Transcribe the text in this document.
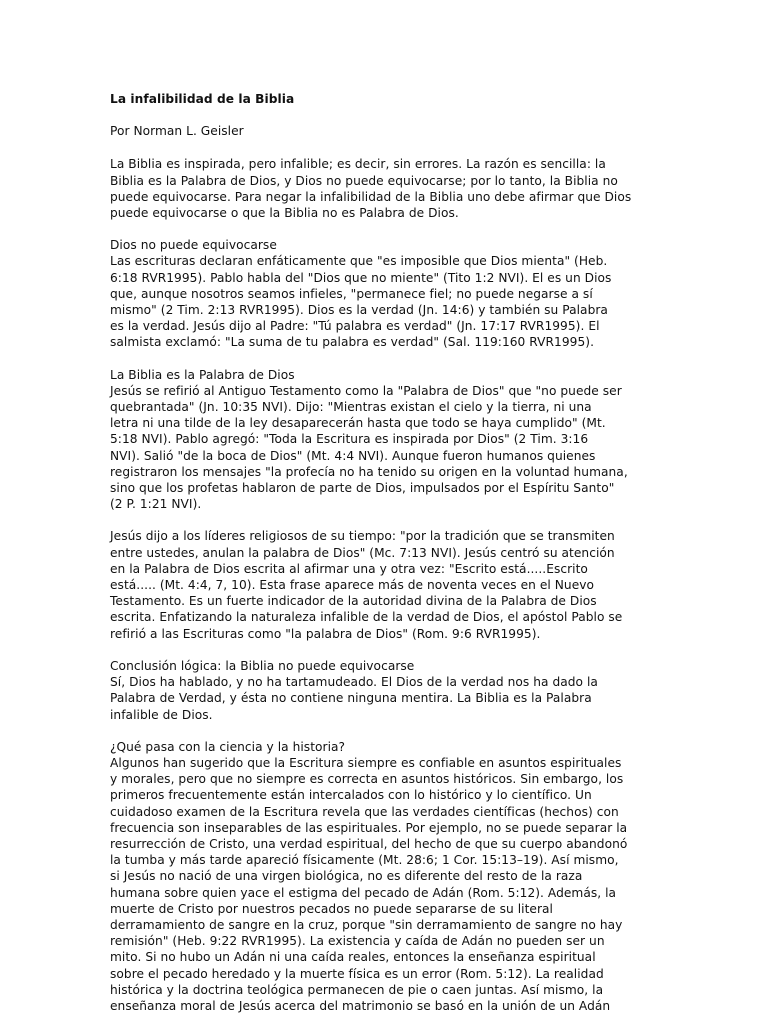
La infalibilidad de la Biblia
Por Norman L. Geisler
La Biblia es inspirada, pero infalible; es decir, sin errores. La razón es sencilla: la
Biblia es la Palabra de Dios, y Dios no puede equivocarse; por lo tanto, la Biblia no
puede equivocarse. Para negar la infalibilidad de la Biblia uno debe afirmar que Dios
puede equivocarse o que la Biblia no es Palabra de Dios.
Dios no puede equivocarse
Las escrituras declaran enfáticamente que "es imposible que Dios mienta" (Heb.
6:18 RVR1995). Pablo habla del "Dios que no miente" (Tito 1:2 NVI). El es un Dios
que, aunque nosotros seamos infieles, "permanece fiel; no puede negarse a sí
mismo" (2 Tim. 2:13 RVR1995). Dios es la verdad (Jn. 14:6) y también su Palabra
es la verdad. Jesús dijo al Padre: "Tú palabra es verdad" (Jn. 17:17 RVR1995). El
salmista exclamó: "La suma de tu palabra es verdad" (Sal. 119:160 RVR1995).
La Biblia es la Palabra de Dios
Jesús se refirió al Antiguo Testamento como la "Palabra de Dios" que "no puede ser
quebrantada" (Jn. 10:35 NVI). Dijo: "Mientras existan el cielo y la tierra, ni una
letra ni una tilde de la ley desaparecerán hasta que todo se haya cumplido" (Mt.
5:18 NVI). Pablo agregó: "Toda la Escritura es inspirada por Dios" (2 Tim. 3:16
NVI). Salió "de la boca de Dios" (Mt. 4:4 NVI). Aunque fueron humanos quienes
registraron los mensajes "la profecía no ha tenido su origen en la voluntad humana,
sino que los profetas hablaron de parte de Dios, impulsados por el Espíritu Santo"
(2 P. 1:21 NVI).
Jesús dijo a los líderes religiosos de su tiempo: "por la tradición que se transmiten
entre ustedes, anulan la palabra de Dios" (Mc. 7:13 NVI). Jesús centró su atención
en la Palabra de Dios escrita al afirmar una y otra vez: "Escrito está.....Escrito
está..... (Mt. 4:4, 7, 10). Esta frase aparece más de noventa veces en el Nuevo
Testamento. Es un fuerte indicador de la autoridad divina de la Palabra de Dios
escrita. Enfatizando la naturaleza infalible de la verdad de Dios, el apóstol Pablo se
refirió a las Escrituras como "la palabra de Dios" (Rom. 9:6 RVR1995).
Conclusión lógica: la Biblia no puede equivocarse
Sí, Dios ha hablado, y no ha tartamudeado. El Dios de la verdad nos ha dado la
Palabra de Verdad, y ésta no contiene ninguna mentira. La Biblia es la Palabra
infalible de Dios.
¿Qué pasa con la ciencia y la historia?
Algunos han sugerido que la Escritura siempre es confiable en asuntos espirituales
y morales, pero que no siempre es correcta en asuntos históricos. Sin embargo, los
primeros frecuentemente están intercalados con lo histórico y lo científico. Un
cuidadoso examen de la Escritura revela que las verdades científicas (hechos) con
frecuencia son inseparables de las espirituales. Por ejemplo, no se puede separar la
resurrección de Cristo, una verdad espiritual, del hecho de que su cuerpo abandonó
la tumba y más tarde apareció físicamente (Mt. 28:6; 1 Cor. 15:13–19). Así mismo,
si Jesús no nació de una virgen biológica, no es diferente del resto de la raza
humana sobre quien yace el estigma del pecado de Adán (Rom. 5:12). Además, la
muerte de Cristo por nuestros pecados no puede separarse de su literal
derramamiento de sangre en la cruz, porque "sin derramamiento de sangre no hay
remisión" (Heb. 9:22 RVR1995). La existencia y caída de Adán no pueden ser un
mito. Si no hubo un Adán ni una caída reales, entonces la enseñanza espiritual
sobre el pecado heredado y la muerte física es un error (Rom. 5:12). La realidad
histórica y la doctrina teológica permanecen de pie o caen juntas. Así mismo, la
enseñanza moral de Jesús acerca del matrimonio se basó en la unión de un Adán
